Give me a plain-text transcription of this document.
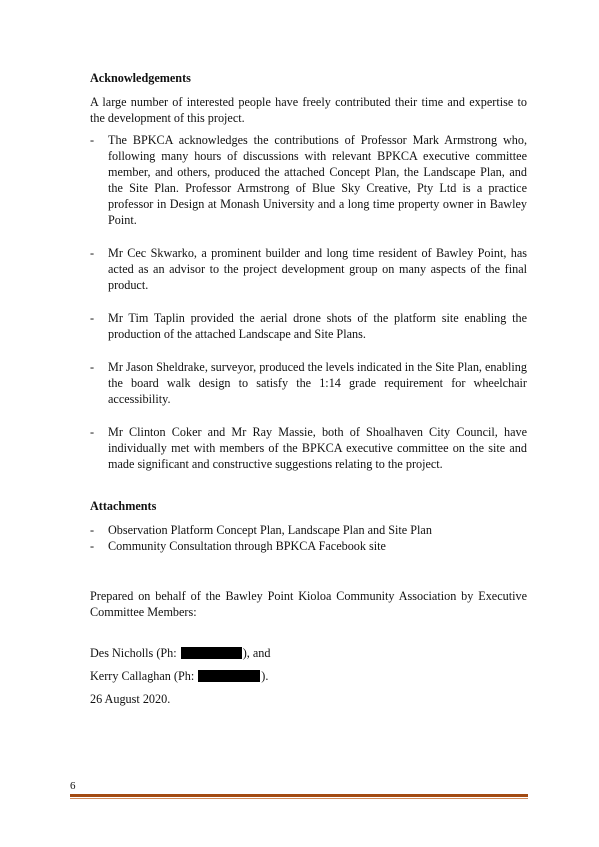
Acknowledgements

A large number of interested people have freely contributed their time and expertise to the development of this project.

- The BPKCA acknowledges the contributions of Professor Mark Armstrong who, following many hours of discussions with relevant BPKCA executive committee member, and others, produced the attached Concept Plan, the Landscape Plan, and the Site Plan. Professor Armstrong of Blue Sky Creative, Pty Ltd is a practice professor in Design at Monash University and a long time property owner in Bawley Point.
- Mr Cec Skwarko, a prominent builder and long time resident of Bawley Point, has acted as an advisor to the project development group on many aspects of the final product.
- Mr Tim Taplin provided the aerial drone shots of the platform site enabling the production of the attached Landscape and Site Plans.
- Mr Jason Sheldrake, surveyor, produced the levels indicated in the Site Plan, enabling the board walk design to satisfy the 1:14 grade requirement for wheelchair accessibility.
- Mr Clinton Coker and Mr Ray Massie, both of Shoalhaven City Council, have individually met with members of the BPKCA executive committee on the site and made significant and constructive suggestions relating to the project.
Attachments
- Observation Platform Concept Plan, Landscape Plan and Site Plan
- Community Consultation through BPKCA Facebook site

Prepared on behalf of the Bawley Point Kioloa Community Association by Executive Committee Members:

Des Nicholls (Ph:	), and

Kerry Callaghan (Ph:	).

26 August 2020.

6
